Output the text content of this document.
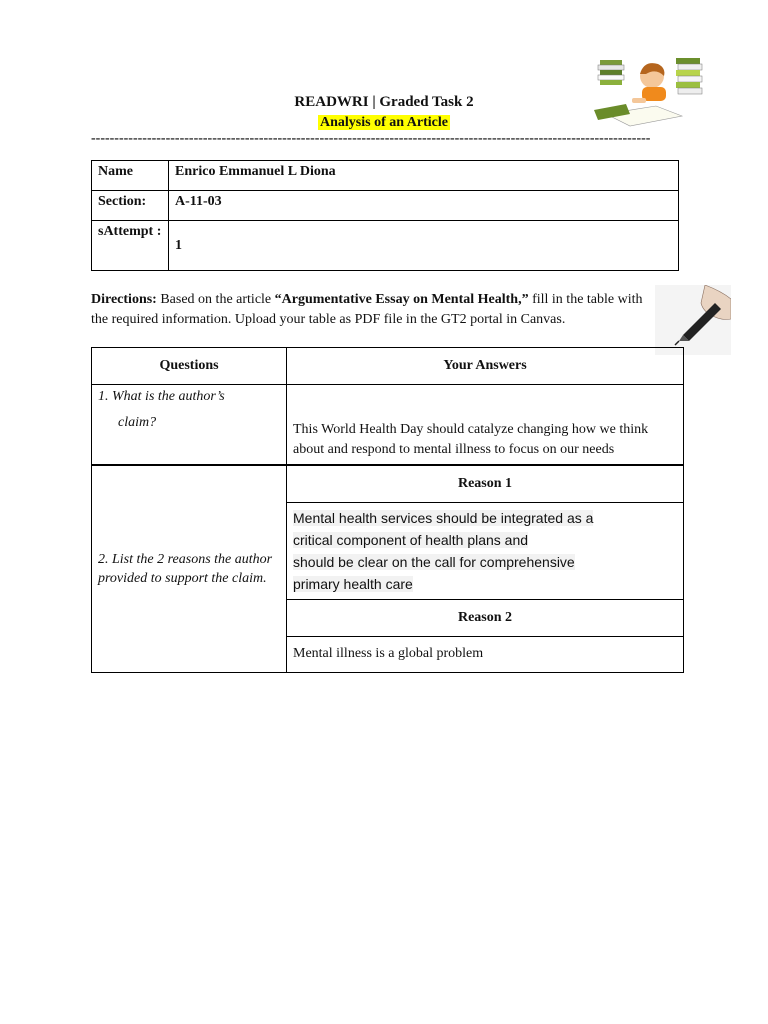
READWRI | Graded Task 2
Analysis of an Article
------------------------------------------------------------------------------------------------------------------------
Name	Enrico Emmanuel L Diona
Section:	A-11-03
sAttempt :	1
Directions: Based on the article “Argumentative Essay on Mental Health,” fill in the table with the required information. Upload your table as PDF file in the GT2 portal in Canvas.
Questions	Your Answers

1. What is the author’s
claim?	This World Health Day should catalyze changing how we think about and respond to mental illness to focus on our needs
2. List the 2 reasons the author provided to support the claim.	Reason 1
	Mental health services should be integrated as a
critical component of health plans and
should be clear on the call for comprehensive
primary health care
	Reason 2
	Mental illness is a global problem
